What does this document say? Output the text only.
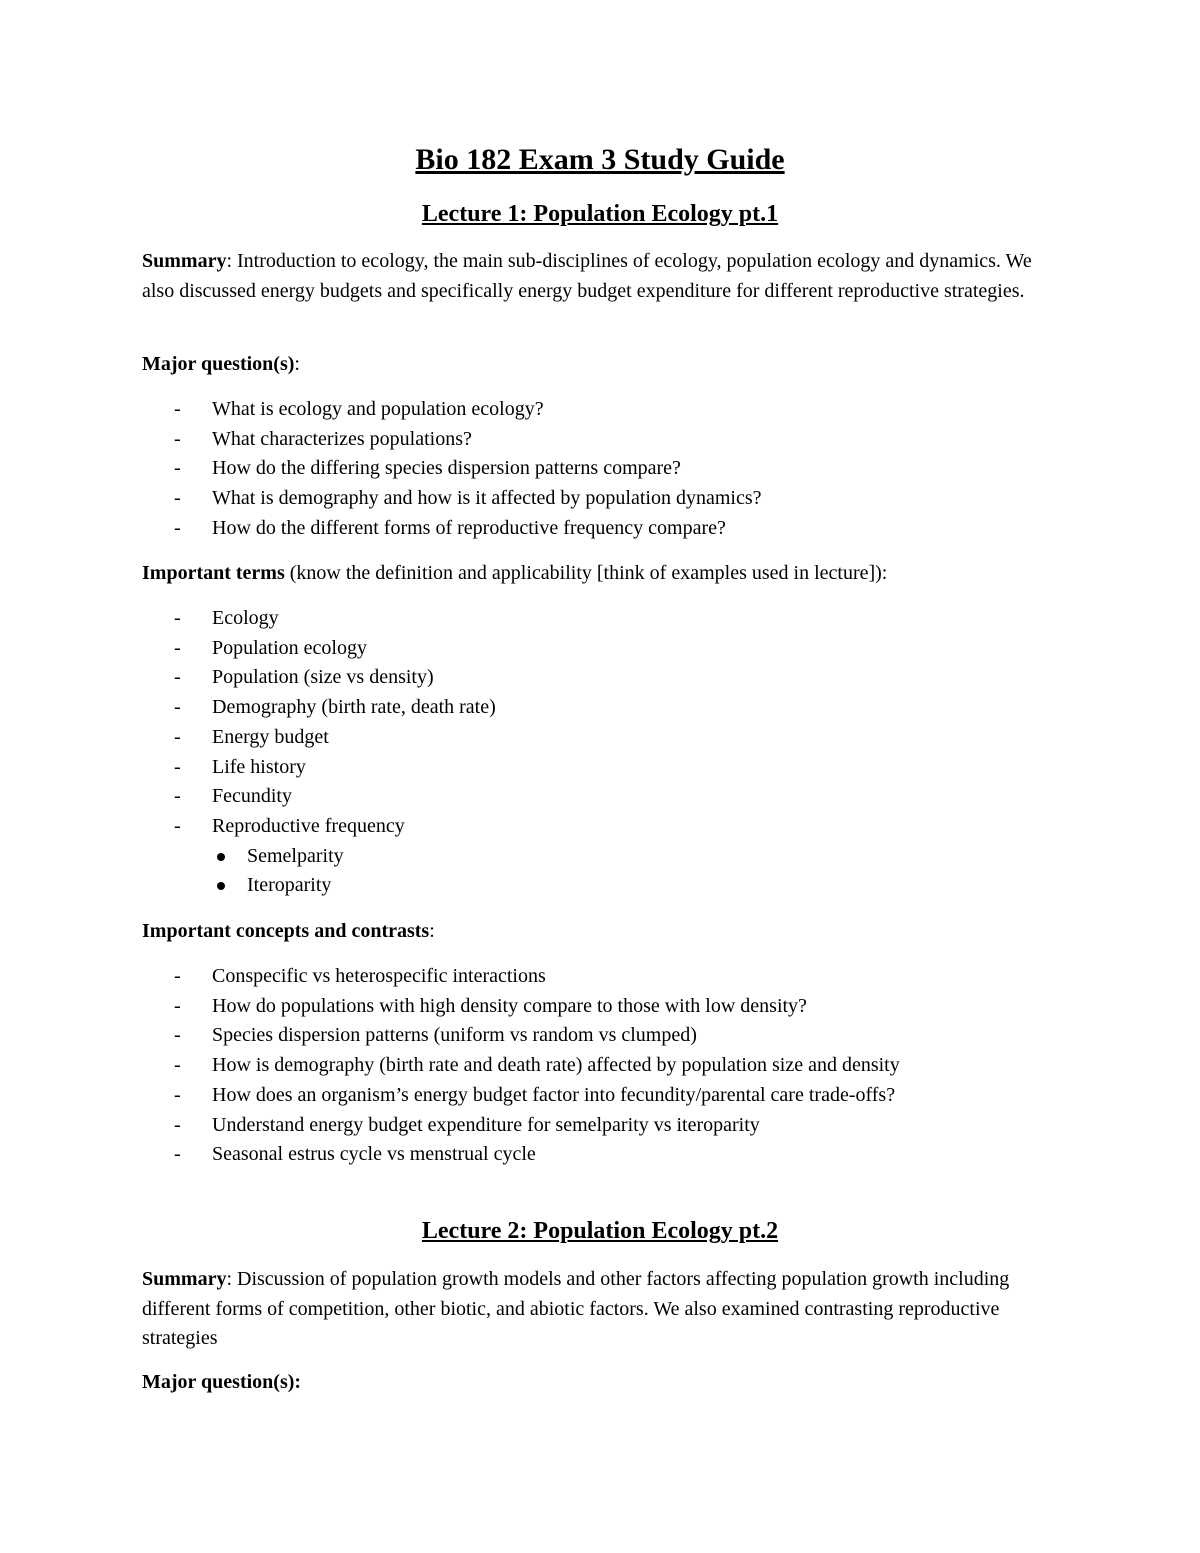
Bio 182 Exam 3 Study Guide
Lecture 1: Population Ecology pt.1

Summary: Introduction to ecology, the main sub-disciplines of ecology, population ecology and dynamics. We also discussed energy budgets and specifically energy budget expenditure for different reproductive strategies.

Major question(s):

- What is ecology and population ecology?
- What characterizes populations?
- How do the differing species dispersion patterns compare?
- What is demography and how is it affected by population dynamics?
- How do the different forms of reproductive frequency compare?

Important terms (know the definition and applicability [think of examples used in lecture]):

- Ecology
- Population ecology
- Population (size vs density)
- Demography (birth rate, death rate)
- Energy budget
- Life history
- Fecundity
- Reproductive frequency
Semelparity
Iteroparity

Important concepts and contrasts:

- Conspecific vs heterospecific interactions
- How do populations with high density compare to those with low density?
- Species dispersion patterns (uniform vs random vs clumped)
- How is demography (birth rate and death rate) affected by population size and density
- How does an organism’s energy budget factor into fecundity/parental care trade-offs?
- Understand energy budget expenditure for semelparity vs iteroparity
- Seasonal estrus cycle vs menstrual cycle
Lecture 2: Population Ecology pt.2

Summary: Discussion of population growth models and other factors affecting population growth including different forms of competition, other biotic, and abiotic factors. We also examined contrasting reproductive strategies

Major question(s):
